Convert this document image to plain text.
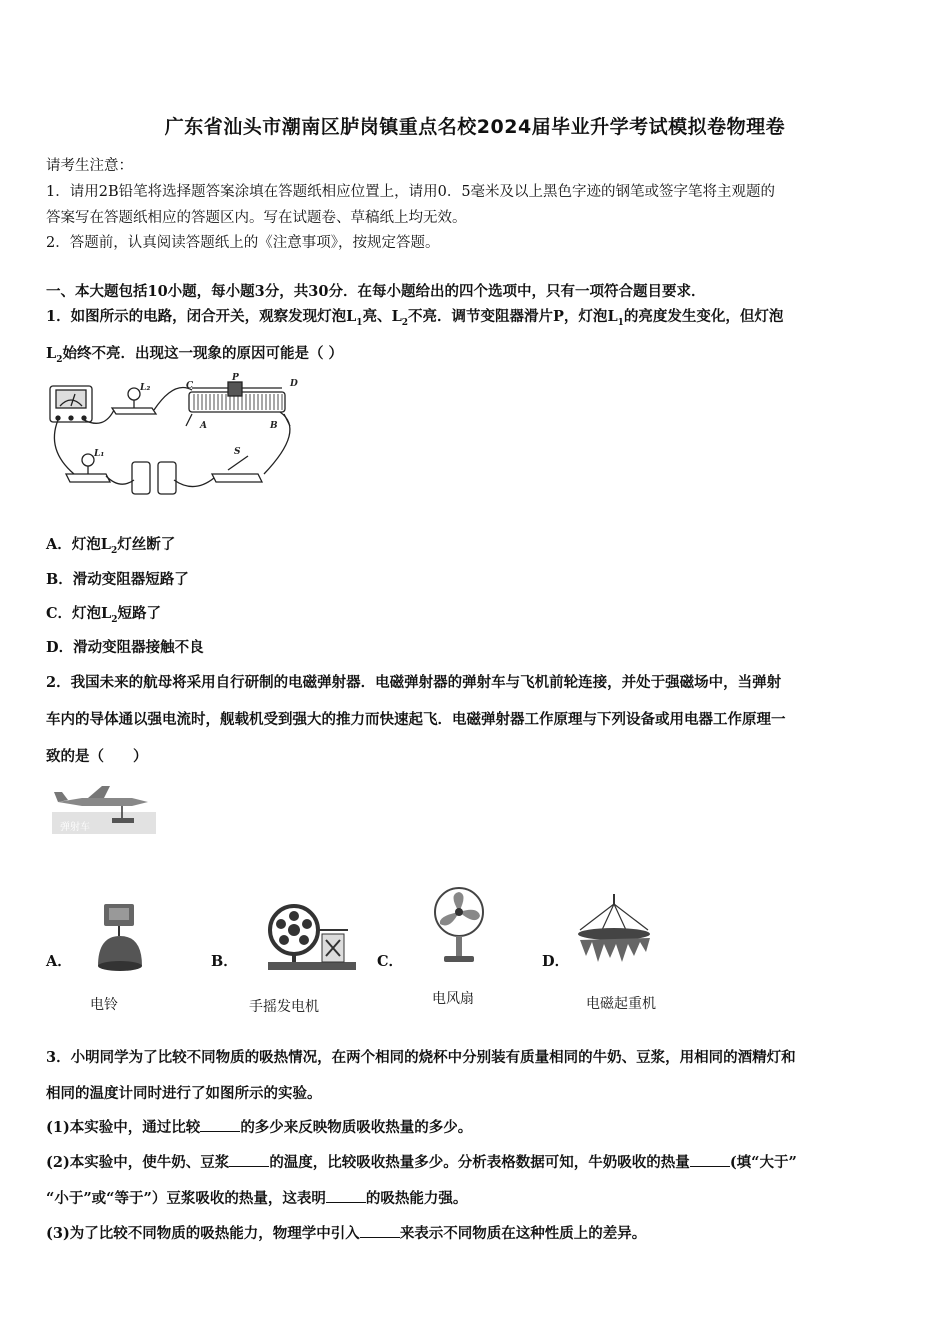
广东省汕头市潮南区胪岗镇重点名校2024届毕业升学考试模拟卷物理卷
请考生注意：
1．请用2B铅笔将选择题答案涂填在答题纸相应位置上，请用0．5毫米及以上黑色字迹的钢笔或签字笔将主观题的
答案写在答题纸相应的答题区内。写在试题卷、草稿纸上均无效。
2．答题前，认真阅读答题纸上的《注意事项》，按规定答题。
一、本大题包括10小题，每小题3分，共30分．在每小题给出的四个选项中，只有一项符合题目要求．
1．如图所示的电路，闭合开关，观察发现灯泡$L_1$亮、$L_2$不亮．调节变阻器滑片P，灯泡$L_1$的亮度发生变化，但灯泡
$L_2$始终不亮．出现这一现象的原因可能是（ ）
L₁
L₂	C
P
D
A	B
S
A．灯泡$L_2$灯丝断了
B．滑动变阻器短路了
C．灯泡$L_2$短路了
D．滑动变阻器接触不良
2．我国未来的航母将采用自行研制的电磁弹射器．电磁弹射器的弹射车与飞机前轮连接，并处于强磁场中，当弹射
车内的导体通以强电流时，舰载机受到强大的推力而快速起飞．电磁弹射器工作原理与下列设备或用电器工作原理一
致的是（　　）
弹射车
A．	B．	C．	D．
电铃	手摇发电机	电风扇	电磁起重机
3．小明同学为了比较不同物质的吸热情况，在两个相同的烧杯中分别装有质量相同的牛奶、豆浆，用相同的酒精灯和
相同的温度计同时进行了如图所示的实验。
(1)本实验中，通过比较	的多少来反映物质吸收热量的多少。
(2)本实验中，使牛奶、豆浆	的温度，比较吸收热量多少。分析表格数据可知，牛奶吸收的热量	(填“大于”
“小于”或“等于”）豆浆吸收的热量，这表明	的吸热能力强。
(3)为了比较不同物质的吸热能力，物理学中引入	来表示不同物质在这种性质上的差异。
